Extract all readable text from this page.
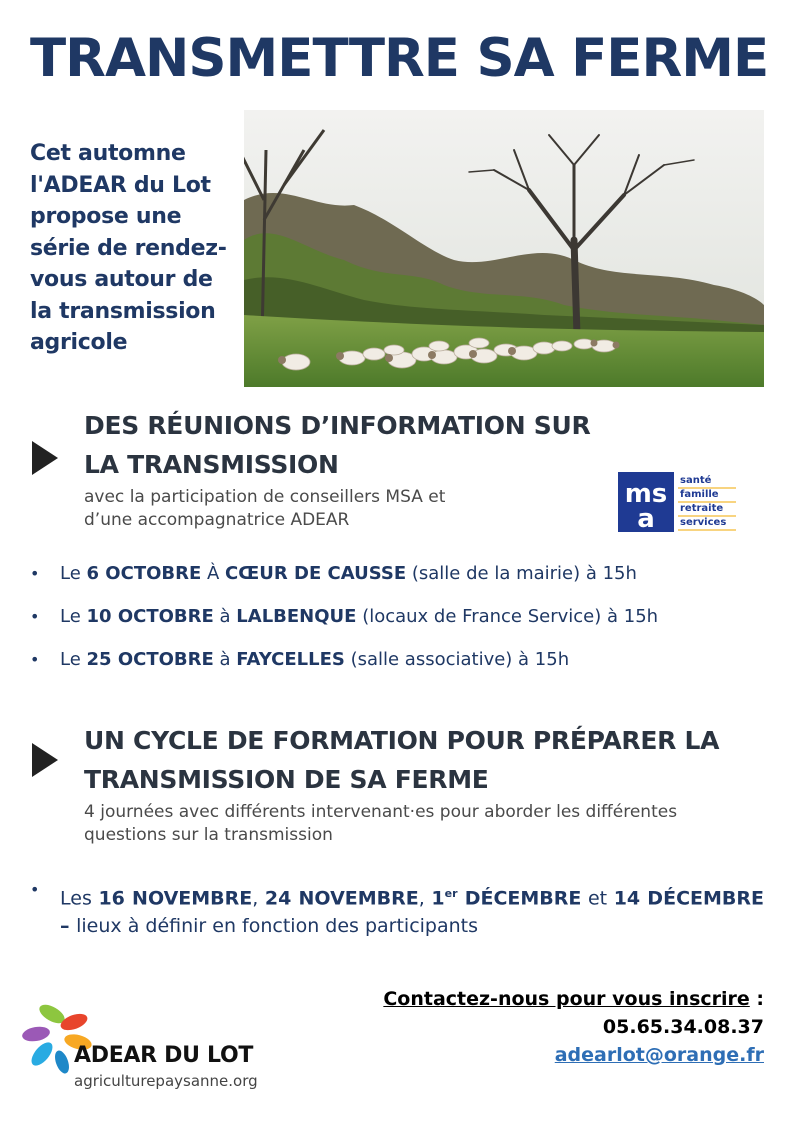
TRANSMETTRE SA FERME

Cet automne l'ADEAR du Lot propose une série de rendez-vous autour de la transmission agricole

DES RÉUNIONS D’INFORMATION SUR

LA TRANSMISSION

avec la participation de conseillers MSA et

d’une accompagnatrice ADEAR

ms
a
santé
famille
retraite
services
• Le 6 OCTOBRE À CŒUR DE CAUSSE (salle de la mairie) à 15h
• Le 10 OCTOBRE à LALBENQUE (locaux de France Service) à 15h
• Le 25 OCTOBRE à FAYCELLES (salle associative) à 15h

UN CYCLE DE FORMATION POUR PRÉPARER LA

TRANSMISSION DE SA FERME

4 journées avec différents intervenant·es pour aborder les différentes

questions sur la transmission

•	Les 16 NOVEMBRE, 24 NOVEMBRE, 1er DÉCEMBRE et 14 DÉCEMBRE – lieux à définir en fonction des participants
Contactez-nous pour vous inscrire :
05.65.34.08.37
adearlot@orange.fr
ADEAR DU LOT
agriculturepaysanne.org
